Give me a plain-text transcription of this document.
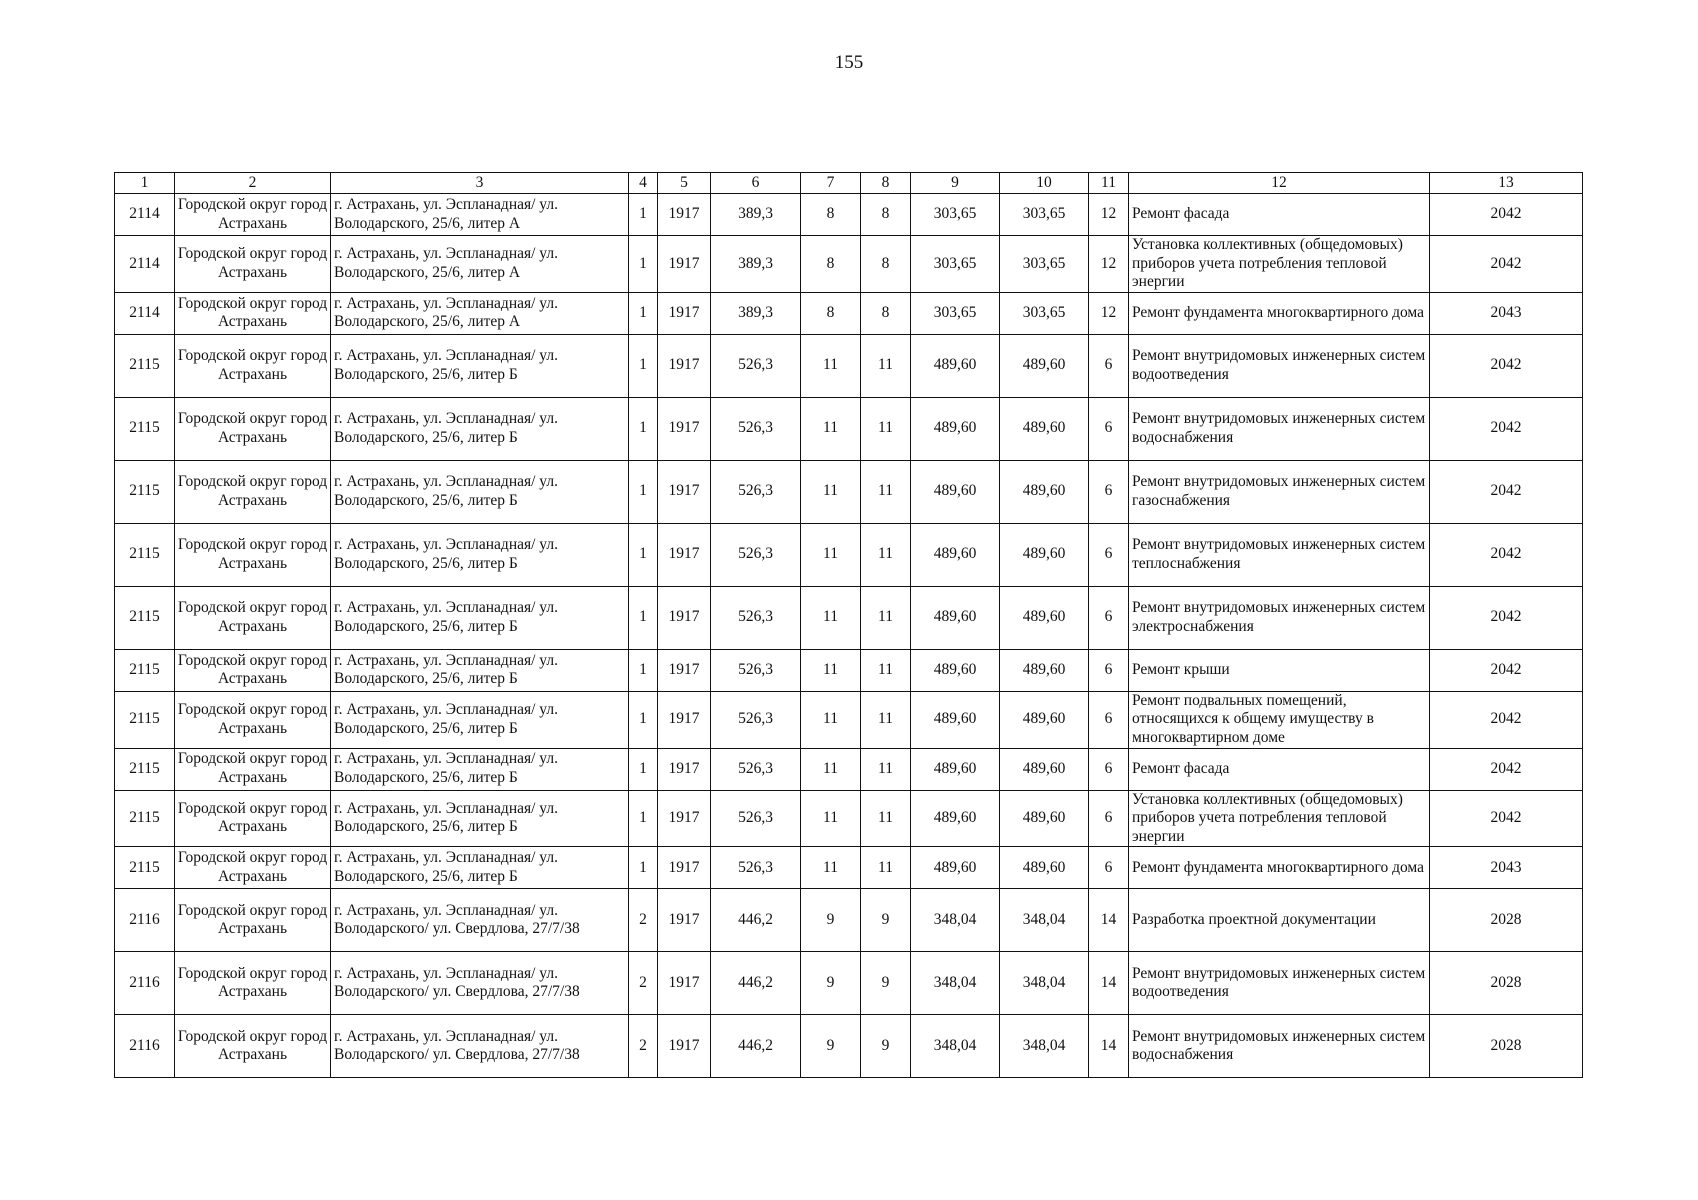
155
1	2	3	4	5	6	7	8	9	10	11	12	13
2114	Городской округ город Астрахань	г. Астрахань, ул. Эспланадная/ ул. Володарского, 25/6, литер А	1	1917	389,3	8	8	303,65	303,65	12	Ремонт фасада	2042
2114	Городской округ город Астрахань	г. Астрахань, ул. Эспланадная/ ул. Володарского, 25/6, литер А	1	1917	389,3	8	8	303,65	303,65	12	Установка коллективных (общедомовых) приборов учета потребления тепловой энергии	2042
2114	Городской округ город Астрахань	г. Астрахань, ул. Эспланадная/ ул. Володарского, 25/6, литер А	1	1917	389,3	8	8	303,65	303,65	12	Ремонт фундамента многоквартирного дома	2043
2115	Городской округ город Астрахань	г. Астрахань, ул. Эспланадная/ ул. Володарского, 25/6, литер Б	1	1917	526,3	11	11	489,60	489,60	6	Ремонт внутридомовых инженерных систем водоотведения	2042
2115	Городской округ город Астрахань	г. Астрахань, ул. Эспланадная/ ул. Володарского, 25/6, литер Б	1	1917	526,3	11	11	489,60	489,60	6	Ремонт внутридомовых инженерных систем водоснабжения	2042
2115	Городской округ город Астрахань	г. Астрахань, ул. Эспланадная/ ул. Володарского, 25/6, литер Б	1	1917	526,3	11	11	489,60	489,60	6	Ремонт внутридомовых инженерных систем газоснабжения	2042
2115	Городской округ город Астрахань	г. Астрахань, ул. Эспланадная/ ул. Володарского, 25/6, литер Б	1	1917	526,3	11	11	489,60	489,60	6	Ремонт внутридомовых инженерных систем теплоснабжения	2042
2115	Городской округ город Астрахань	г. Астрахань, ул. Эспланадная/ ул. Володарского, 25/6, литер Б	1	1917	526,3	11	11	489,60	489,60	6	Ремонт внутридомовых инженерных систем электроснабжения	2042
2115	Городской округ город Астрахань	г. Астрахань, ул. Эспланадная/ ул. Володарского, 25/6, литер Б	1	1917	526,3	11	11	489,60	489,60	6	Ремонт крыши	2042
2115	Городской округ город Астрахань	г. Астрахань, ул. Эспланадная/ ул. Володарского, 25/6, литер Б	1	1917	526,3	11	11	489,60	489,60	6	Ремонт подвальных помещений, относящихся к общему имуществу в многоквартирном доме	2042
2115	Городской округ город Астрахань	г. Астрахань, ул. Эспланадная/ ул. Володарского, 25/6, литер Б	1	1917	526,3	11	11	489,60	489,60	6	Ремонт фасада	2042
2115	Городской округ город Астрахань	г. Астрахань, ул. Эспланадная/ ул. Володарского, 25/6, литер Б	1	1917	526,3	11	11	489,60	489,60	6	Установка коллективных (общедомовых) приборов учета потребления тепловой энергии	2042
2115	Городской округ город Астрахань	г. Астрахань, ул. Эспланадная/ ул. Володарского, 25/6, литер Б	1	1917	526,3	11	11	489,60	489,60	6	Ремонт фундамента многоквартирного дома	2043
2116	Городской округ город Астрахань	г. Астрахань, ул. Эспланадная/ ул. Володарского/ ул. Свердлова, 27/7/38	2	1917	446,2	9	9	348,04	348,04	14	Разработка проектной документации	2028
2116	Городской округ город Астрахань	г. Астрахань, ул. Эспланадная/ ул. Володарского/ ул. Свердлова, 27/7/38	2	1917	446,2	9	9	348,04	348,04	14	Ремонт внутридомовых инженерных систем водоотведения	2028
2116	Городской округ город Астрахань	г. Астрахань, ул. Эспланадная/ ул. Володарского/ ул. Свердлова, 27/7/38	2	1917	446,2	9	9	348,04	348,04	14	Ремонт внутридомовых инженерных систем водоснабжения	2028
